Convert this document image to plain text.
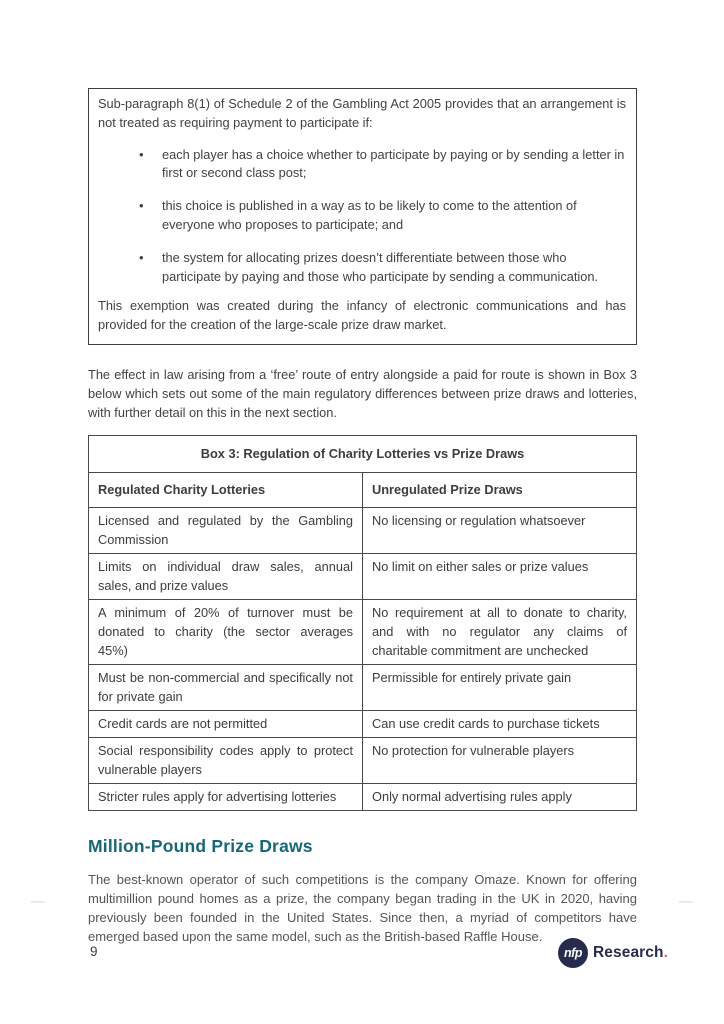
Sub-paragraph 8(1) of Schedule 2 of the Gambling Act 2005 provides that an arrangement is not treated as requiring payment to participate if:

• each player has a choice whether to participate by paying or by sending a letter in first or second class post;
• this choice is published in a way as to be likely to come to the attention of everyone who proposes to participate; and
• the system for allocating prizes doesn’t differentiate between those who participate by paying and those who participate by sending a communication.

This exemption was created during the infancy of electronic communications and has provided for the creation of the large-scale prize draw market.

The effect in law arising from a ‘free’ route of entry alongside a paid for route is shown in Box 3 below which sets out some of the main regulatory differences between prize draws and lotteries, with further detail on this in the next section.

Box 3: Regulation of Charity Lotteries vs Prize Draws	
Regulated Charity Lotteries	Unregulated Prize Draws
Licensed and regulated by the Gambling Commission	No licensing or regulation whatsoever
Limits on individual draw sales, annual sales, and prize values	No limit on either sales or prize values
A minimum of 20% of turnover must be donated to charity (the sector averages 45%)	No requirement at all to donate to charity, and with no regulator any claims of charitable commitment are unchecked
Must be non-commercial and specifically not for private gain	Permissible for entirely private gain
Credit cards are not permitted	Can use credit cards to purchase tickets
Social responsibility codes apply to protect vulnerable players	No protection for vulnerable players
Stricter rules apply for advertising lotteries	Only normal advertising rules apply
Million-Pound Prize Draws

The best-known operator of such competitions is the company Omaze. Known for offering multimillion pound homes as a prize, the company began trading in the UK in 2020, having previously been founded in the United States. Since then, a myriad of competitors have emerged based upon the same model, such as the British-based Raffle House.

9	nfp Research.
